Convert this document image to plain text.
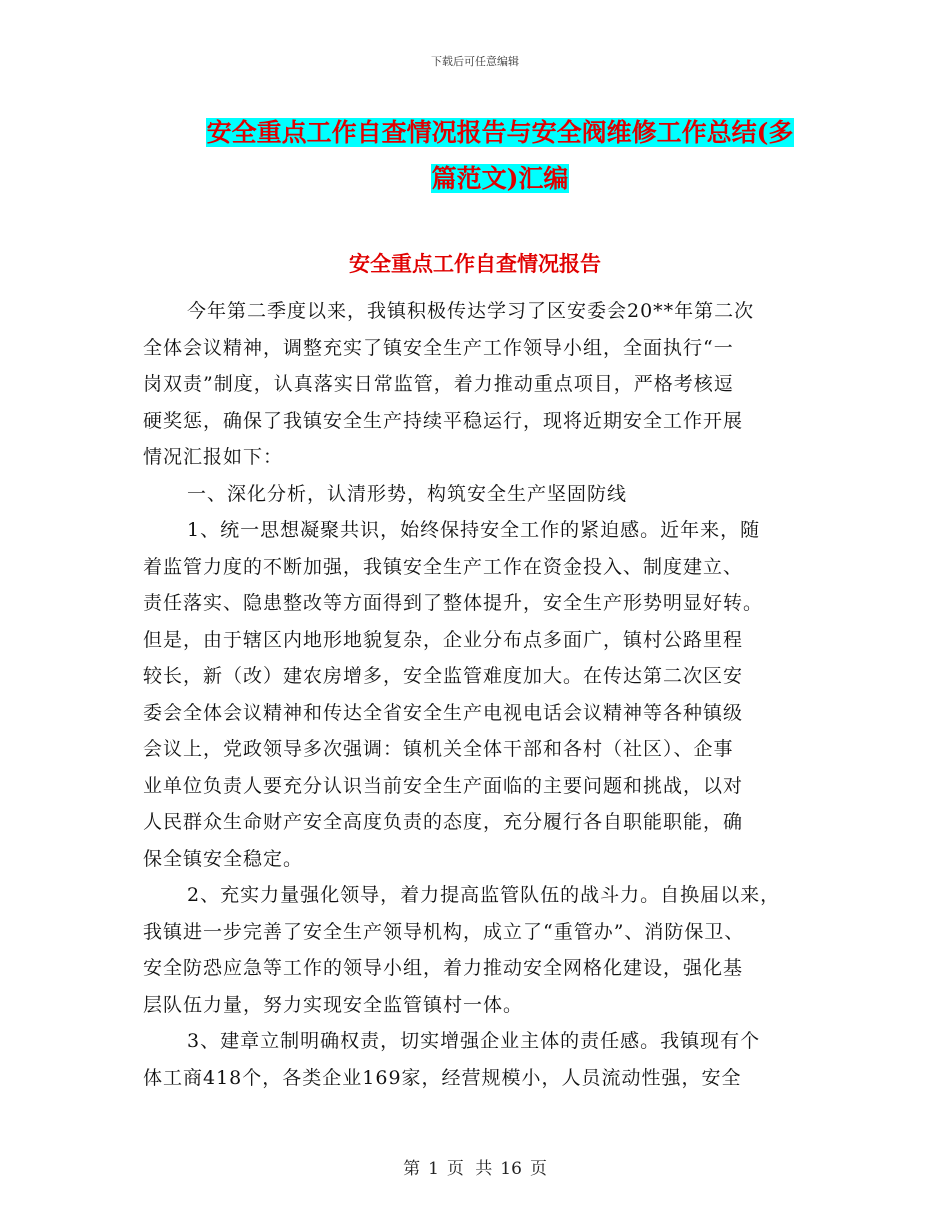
下载后可任意编辑
安全重点工作自查情况报告与安全阀维修工作总结(多
篇范文)汇编
安全重点工作自查情况报告
今年第二季度以来，我镇积极传达学习了区安委会20**年第二次
全体会议精神，调整充实了镇安全生产工作领导小组，全面执行“一
岗双责”制度，认真落实日常监管，着力推动重点项目，严格考核逗
硬奖惩，确保了我镇安全生产持续平稳运行，现将近期安全工作开展
情况汇报如下：
一、深化分析，认清形势，构筑安全生产坚固防线
1、统一思想凝聚共识，始终保持安全工作的紧迫感。近年来，随
着监管力度的不断加强，我镇安全生产工作在资金投入、制度建立、
责任落实、隐患整改等方面得到了整体提升，安全生产形势明显好转。
但是，由于辖区内地形地貌复杂，企业分布点多面广，镇村公路里程
较长，新（改）建农房增多，安全监管难度加大。在传达第二次区安
委会全体会议精神和传达全省安全生产电视电话会议精神等各种镇级
会议上，党政领导多次强调：镇机关全体干部和各村（社区）、企事
业单位负责人要充分认识当前安全生产面临的主要问题和挑战，以对
人民群众生命财产安全高度负责的态度，充分履行各自职能职能，确
保全镇安全稳定。
2、充实力量强化领导，着力提高监管队伍的战斗力。自换届以来，
我镇进一步完善了安全生产领导机构，成立了“重管办”、消防保卫、
安全防恐应急等工作的领导小组，着力推动安全网格化建设，强化基
层队伍力量，努力实现安全监管镇村一体。
3、建章立制明确权责，切实增强企业主体的责任感。我镇现有个
体工商418个，各类企业169家，经营规模小，人员流动性强，安全
第 1 页 共 16 页
